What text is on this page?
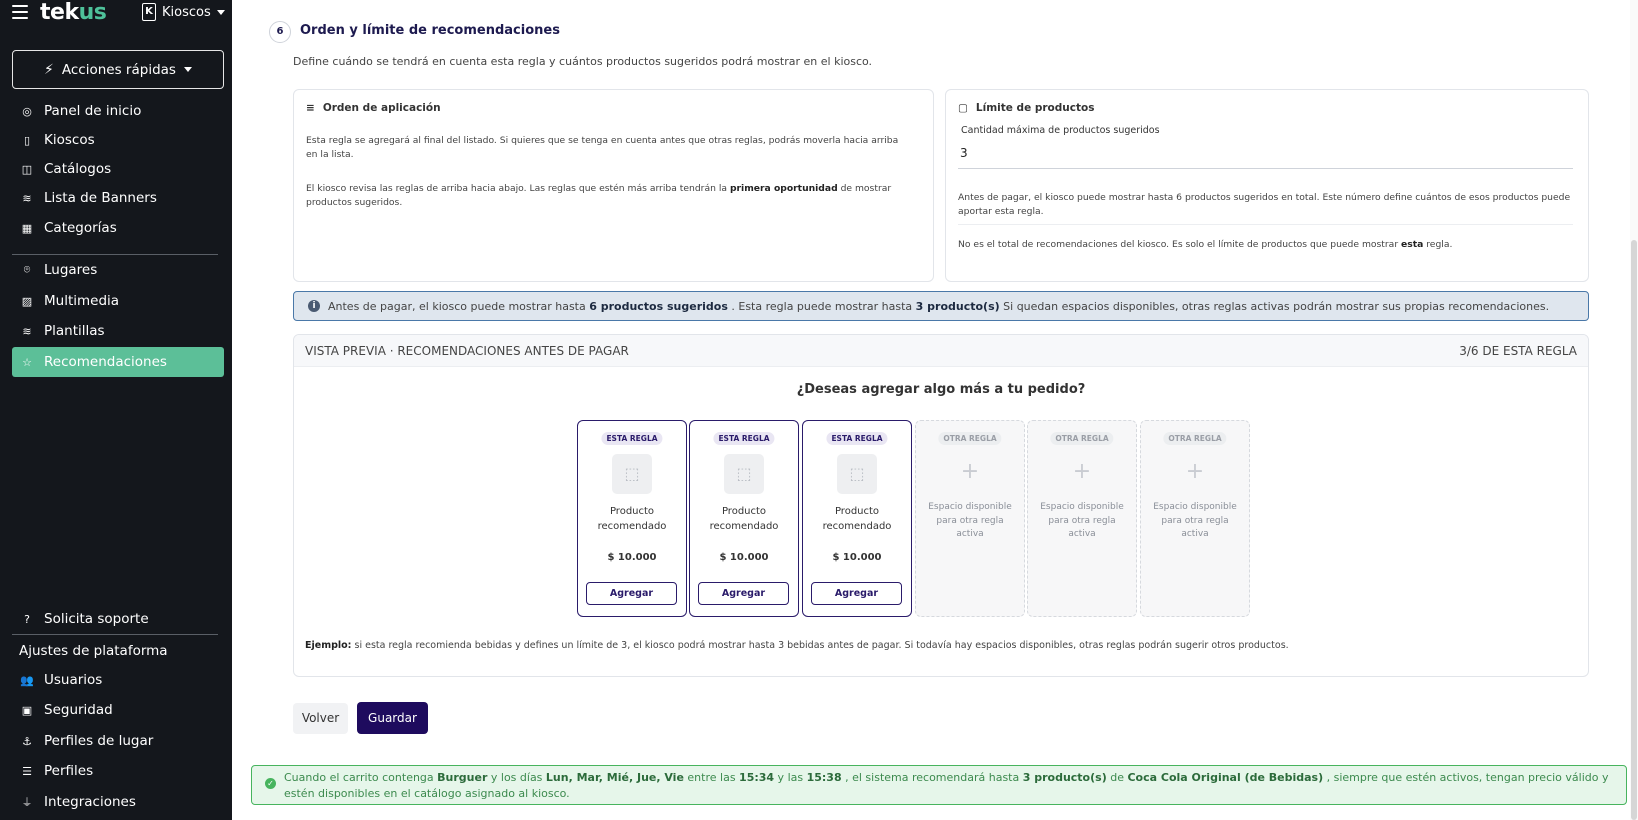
tekus	K Kioscos
⚡ Acciones rápidas
◎ Panel de inicio
▯ Kioscos
◫ Catálogos
≋ Lista de Banners
▦ Categorías
⌾ Lugares
▨ Multimedia
≋ Plantillas
☆ Recomendaciones
?	Solicita soporte
Ajustes de plataforma
👥 Usuarios
▣ Seguridad
⚓ Perfiles de lugar
☰ Perfiles
⏚ Integraciones
6	Orden y límite de recomendaciones
Define cuándo se tendrá en cuenta esta regla y cuántos productos sugeridos podrá mostrar en el kiosco.
≡ Orden de aplicación
Esta regla se agregará al final del listado. Si quieres que se tenga en cuenta antes que otras reglas, podrás moverla hacia arriba en la lista.
El kiosco revisa las reglas de arriba hacia abajo. Las reglas que estén más arriba tendrán la primera oportunidad de mostrar productos sugeridos.
▢ Límite de productos
Cantidad máxima de productos sugeridos
3
Antes de pagar, el kiosco puede mostrar hasta 6 productos sugeridos en total. Este número define cuántos de esos productos puede aportar esta regla.
No es el total de recomendaciones del kiosco. Es solo el límite de productos que puede mostrar esta regla.
i	Antes de pagar, el kiosco puede mostrar hasta 6 productos sugeridos . Esta regla puede mostrar hasta 3 producto(s) Si quedan espacios disponibles, otras reglas activas podrán mostrar sus propias recomendaciones.
VISTA PREVIA · RECOMENDACIONES ANTES DE PAGAR	3/6 DE ESTA REGLA
¿Deseas agregar algo más a tu pedido?
ESTA REGLA
⬚
Producto recomendado
$ 10.000
Agregar
ESTA REGLA
⬚
Producto recomendado
$ 10.000
Agregar
ESTA REGLA
⬚
Producto recomendado
$ 10.000
Agregar
OTRA REGLA
+
Espacio disponible para otra regla activa
OTRA REGLA
+
Espacio disponible para otra regla activa
OTRA REGLA
+
Espacio disponible para otra regla activa
Ejemplo: si esta regla recomienda bebidas y defines un límite de 3, el kiosco podrá mostrar hasta 3 bebidas antes de pagar. Si todavía hay espacios disponibles, otras reglas podrán sugerir otros productos.
Volver	Guardar
✓ Cuando el carrito contenga Burguer y los días Lun, Mar, Mié, Jue, Vie entre las 15:34 y las 15:38 , el sistema recomendará hasta 3 producto(s) de Coca Cola Original (de Bebidas) , siempre que estén activos, tengan precio válido y estén disponibles en el catálogo asignado al kiosco.
